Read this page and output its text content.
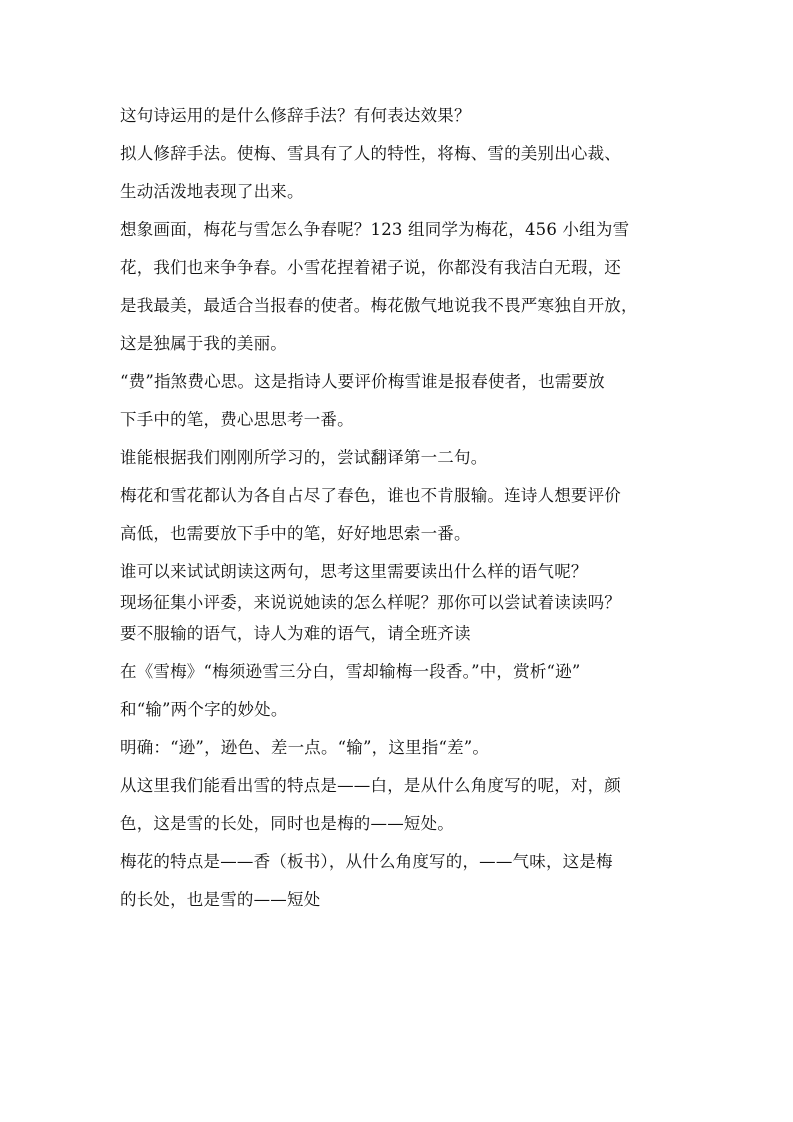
这句诗运用的是什么修辞手法？有何表达效果？
拟人修辞手法。使梅、雪具有了人的特性，将梅、雪的美别出心裁、
生动活泼地表现了出来。
想象画面，梅花与雪怎么争春呢？123 组同学为梅花，456 小组为雪
花，我们也来争争春。小雪花捏着裙子说，你都没有我洁白无瑕，还
是我最美，最适合当报春的使者。梅花傲气地说我不畏严寒独自开放，
这是独属于我的美丽。
“费”指煞费心思。这是指诗人要评价梅雪谁是报春使者，也需要放
下手中的笔，费心思思考一番。
谁能根据我们刚刚所学习的，尝试翻译第一二句。
梅花和雪花都认为各自占尽了春色，谁也不肯服输。连诗人想要评价
高低，也需要放下手中的笔，好好地思索一番。
谁可以来试试朗读这两句，思考这里需要读出什么样的语气呢？
现场征集小评委，来说说她读的怎么样呢？那你可以尝试着读读吗？
要不服输的语气，诗人为难的语气，请全班齐读
在《雪梅》“梅须逊雪三分白，雪却输梅一段香。”中，赏析“逊”
和“输”两个字的妙处。
明确：“逊”，逊色、差一点。“输”，这里指“差”。
从这里我们能看出雪的特点是——白，是从什么角度写的呢，对，颜
色，这是雪的长处，同时也是梅的——短处。
梅花的特点是——香（板书），从什么角度写的，——气味，这是梅
的长处，也是雪的——短处
